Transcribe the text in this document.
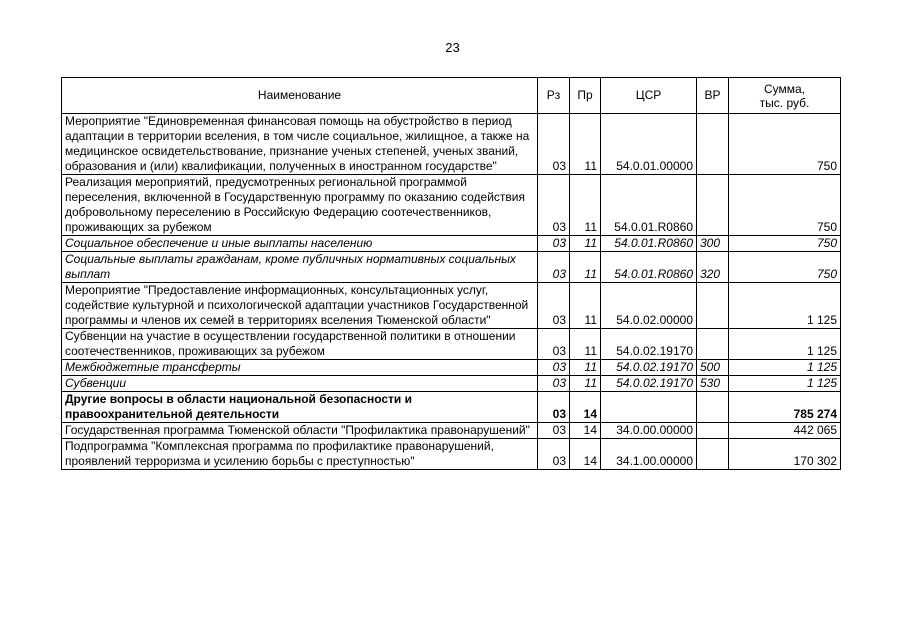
23
Наименование	Рз	Пр	ЦСР	ВР	Сумма,
тыс. руб.
Мероприятие "Единовременная финансовая помощь на обустройство в период адаптации в территории вселения, в том числе социальное, жилищное, а также на медицинское освидетельствование, признание ученых степеней, ученых званий, образования и (или) квалификации, полученных в иностранном государстве"	03	11	54.0.01.00000		750
Реализация мероприятий, предусмотренных региональной программой переселения, включенной в Государственную программу по оказанию содействия добровольному переселению в Российскую Федерацию соотечественников, проживающих за рубежом	03	11	54.0.01.R0860		750
Социальное обеспечение и иные выплаты населению	03	11	54.0.01.R0860	300	750
Социальные выплаты гражданам, кроме публичных нормативных социальных выплат	03	11	54.0.01.R0860	320	750
Мероприятие "Предоставление информационных, консультационных услуг, содействие культурной и психологической адаптации участников Государственной программы и членов их семей в территориях вселения Тюменской области"	03	11	54.0.02.00000		1 125
Субвенции на участие в осуществлении государственной политики в отношении соотечественников, проживающих за рубежом	03	11	54.0.02.19170		1 125
Межбюджетные трансферты	03	11	54.0.02.19170	500	1 125
Субвенции	03	11	54.0.02.19170	530	1 125
Другие вопросы в области национальной безопасности и правоохранительной деятельности	03	14			785 274
Государственная программа Тюменской области "Профилактика правонарушений"	03	14	34.0.00.00000		442 065
Подпрограмма "Комплексная программа по профилактике правонарушений, проявлений терроризма и усилению борьбы с преступностью"	03	14	34.1.00.00000		170 302
